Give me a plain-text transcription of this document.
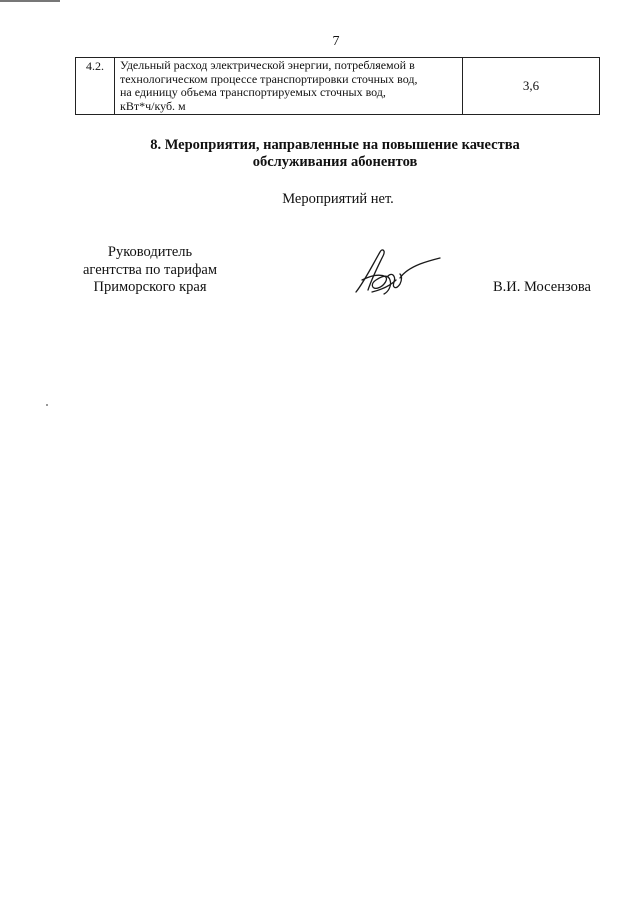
7
4.2.	Удельный расход электрической энергии, потребляемой в
технологическом процессе транспортировки сточных вод,
на единицу объема транспортируемых сточных вод,
кВт*ч/куб. м
	3,6
8. Мероприятия, направленные на повышение качества
обслуживания абонентов
Мероприятий нет.
Руководитель
агентства по тарифам
Приморского края	В.И. Мосензова
